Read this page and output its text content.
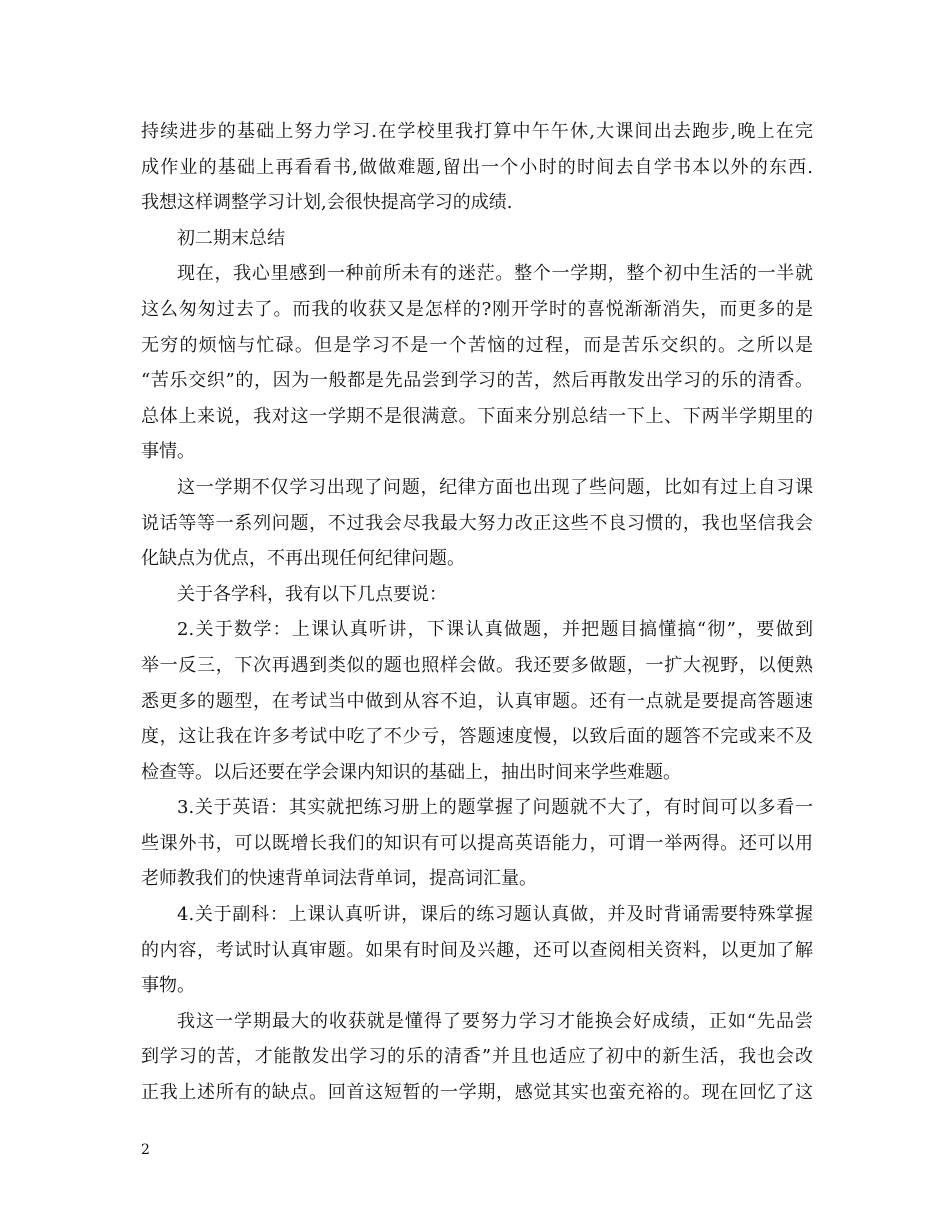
持续进步的基础上努力学习.在学校里我打算中午午休,大课间出去跑步,晚上在完
成作业的基础上再看看书,做做难题,留出一个小时的时间去自学书本以外的东西.
我想这样调整学习计划,会很快提高学习的成绩.
初二期末总结
现在，我心里感到一种前所未有的迷茫。整个一学期，整个初中生活的一半就
这么匆匆过去了。而我的收获又是怎样的?刚开学时的喜悦渐渐消失，而更多的是
无穷的烦恼与忙碌。但是学习不是一个苦恼的过程，而是苦乐交织的。之所以是
“苦乐交织”的，因为一般都是先品尝到学习的苦，然后再散发出学习的乐的清香。
总体上来说，我对这一学期不是很满意。下面来分别总结一下上、下两半学期里的
事情。
这一学期不仅学习出现了问题，纪律方面也出现了些问题，比如有过上自习课
说话等等一系列问题，不过我会尽我最大努力改正这些不良习惯的，我也坚信我会
化缺点为优点，不再出现任何纪律问题。
关于各学科，我有以下几点要说：
2.关于数学：上课认真听讲，下课认真做题，并把题目搞懂搞“彻”，要做到
举一反三，下次再遇到类似的题也照样会做。我还要多做题，一扩大视野，以便熟
悉更多的题型，在考试当中做到从容不迫，认真审题。还有一点就是要提高答题速
度，这让我在许多考试中吃了不少亏，答题速度慢，以致后面的题答不完或来不及
检查等。以后还要在学会课内知识的基础上，抽出时间来学些难题。
3.关于英语：其实就把练习册上的题掌握了问题就不大了，有时间可以多看一
些课外书，可以既增长我们的知识有可以提高英语能力，可谓一举两得。还可以用
老师教我们的快速背单词法背单词，提高词汇量。
4.关于副科：上课认真听讲，课后的练习题认真做，并及时背诵需要特殊掌握
的内容，考试时认真审题。如果有时间及兴趣，还可以查阅相关资料，以更加了解
事物。
我这一学期最大的收获就是懂得了要努力学习才能换会好成绩，正如“先品尝
到学习的苦，才能散发出学习的乐的清香”并且也适应了初中的新生活，我也会改
正我上述所有的缺点。回首这短暂的一学期，感觉其实也蛮充裕的。现在回忆了这
2
